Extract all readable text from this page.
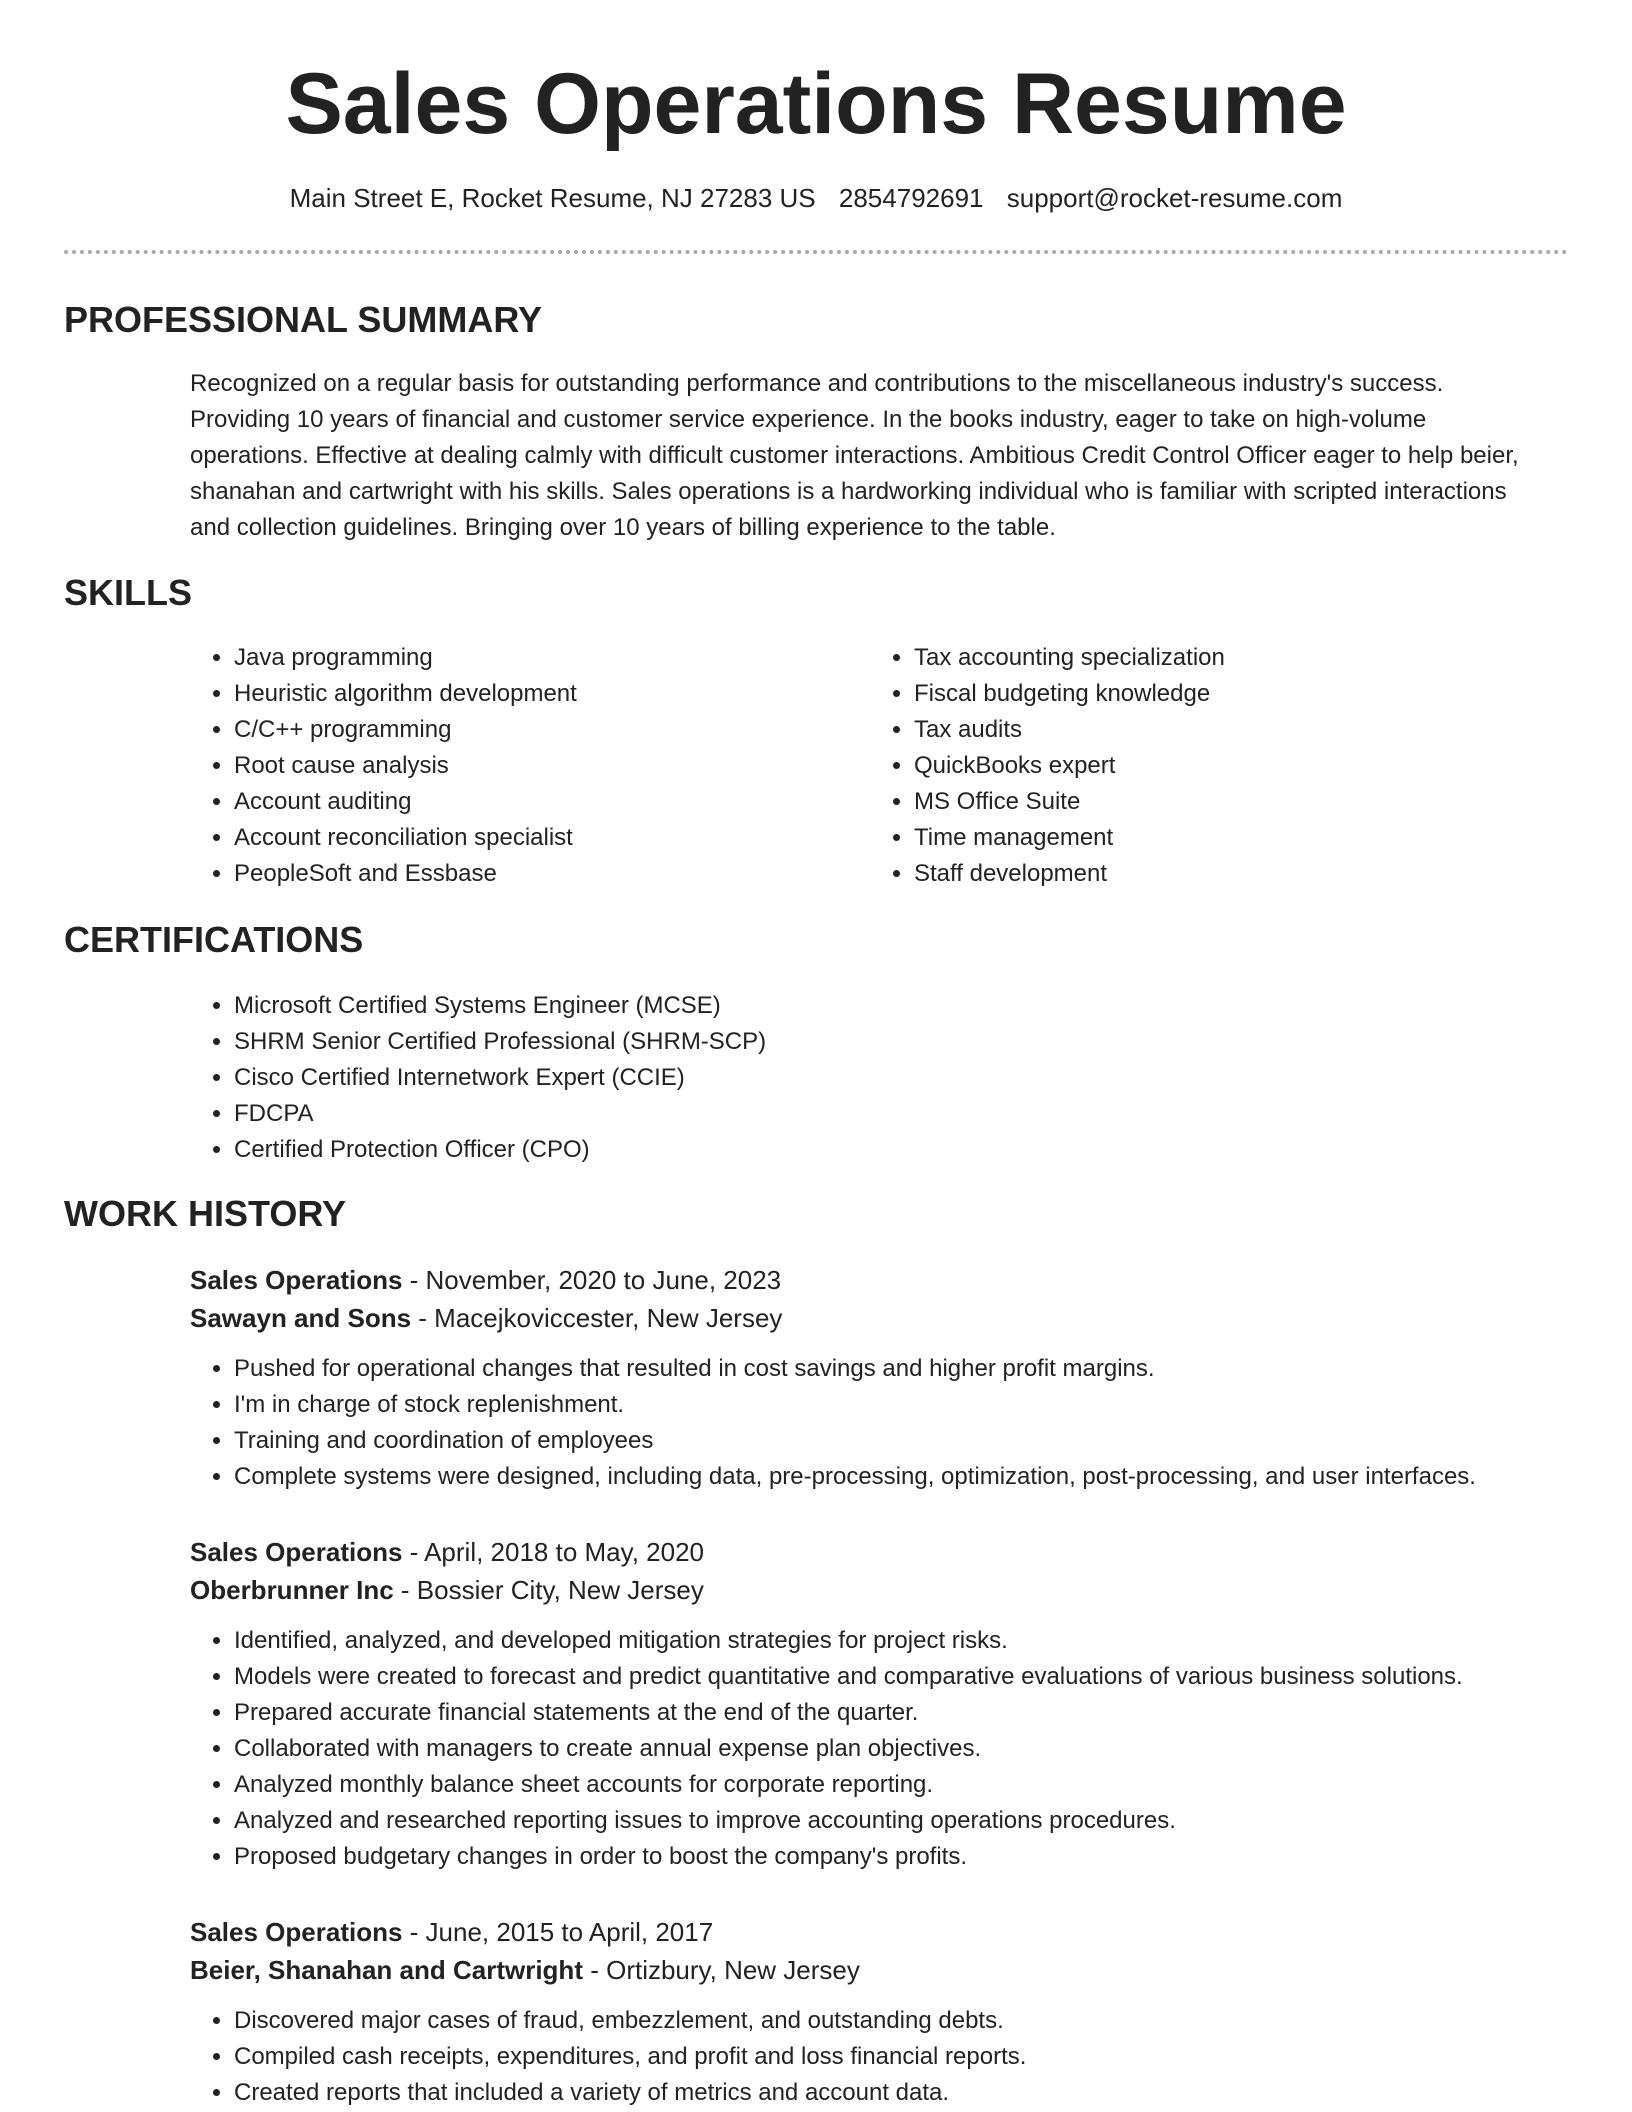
Sales Operations Resume
Main Street E, Rocket Resume, NJ 27283 US 2854792691 support@rocket-resume.com
PROFESSIONAL SUMMARY

Recognized on a regular basis for outstanding performance and contributions to the miscellaneous industry's success. Providing 10 years of financial and customer service experience. In the books industry, eager to take on high-volume operations. Effective at dealing calmly with difficult customer interactions. Ambitious Credit Control Officer eager to help beier, shanahan and cartwright with his skills. Sales operations is a hardworking individual who is familiar with scripted interactions and collection guidelines. Bringing over 10 years of billing experience to the table.

SKILLS
• Java programming
• Heuristic algorithm development
• C/C++ programming
• Root cause analysis
• Account auditing
• Account reconciliation specialist
• PeopleSoft and Essbase
• Tax accounting specialization
• Fiscal budgeting knowledge
• Tax audits
• QuickBooks expert
• MS Office Suite
• Time management
• Staff development
CERTIFICATIONS
• Microsoft Certified Systems Engineer (MCSE)
• SHRM Senior Certified Professional (SHRM-SCP)
• Cisco Certified Internetwork Expert (CCIE)
• FDCPA
• Certified Protection Officer (CPO)
WORK HISTORY
Sales Operations - November, 2020 to June, 2023
Sawayn and Sons - Macejkoviccester, New Jersey
• Pushed for operational changes that resulted in cost savings and higher profit margins.
• I'm in charge of stock replenishment.
• Training and coordination of employees
• Complete systems were designed, including data, pre-processing, optimization, post-processing, and user interfaces.
Sales Operations - April, 2018 to May, 2020
Oberbrunner Inc - Bossier City, New Jersey
• Identified, analyzed, and developed mitigation strategies for project risks.
• Models were created to forecast and predict quantitative and comparative evaluations of various business solutions.
• Prepared accurate financial statements at the end of the quarter.
• Collaborated with managers to create annual expense plan objectives.
• Analyzed monthly balance sheet accounts for corporate reporting.
• Analyzed and researched reporting issues to improve accounting operations procedures.
• Proposed budgetary changes in order to boost the company's profits.
Sales Operations - June, 2015 to April, 2017
Beier, Shanahan and Cartwright - Ortizbury, New Jersey
• Discovered major cases of fraud, embezzlement, and outstanding debts.
• Compiled cash receipts, expenditures, and profit and loss financial reports.
• Created reports that included a variety of metrics and account data.
